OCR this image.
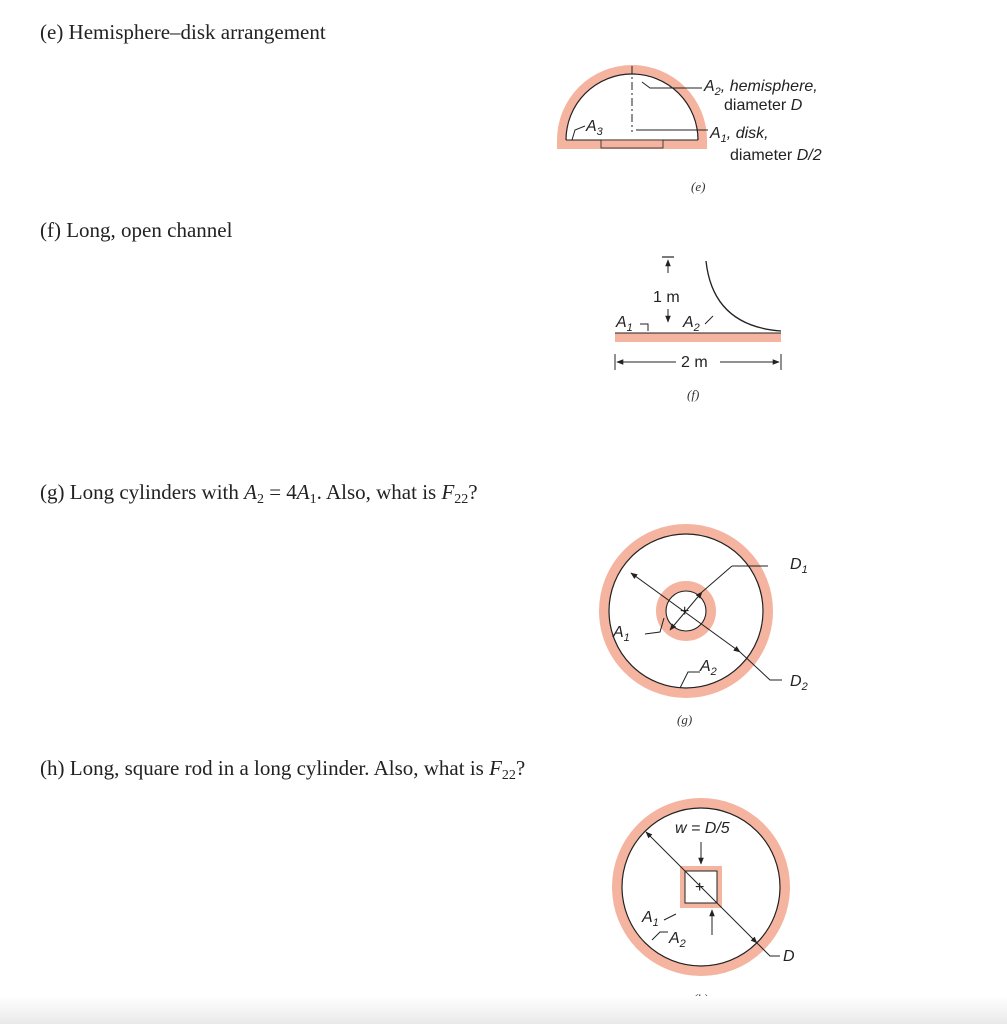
(e) Hemisphere–disk arrangement
(f) Long, open channel
(g) Long cylinders with $A_2 = 4A_1$. Also, what is $F_{22}$?
(h) Long, square rod in a long cylinder. Also, what is $F_{22}$?
$A_2$, hemisphere,
diameter D
$A_1$, disk,
diameter D/2
$A_3$
(e)
1 m
$A_1$	$A_2$
2 m
(f)
+
$D_1$
$D_2$
$A_1$
$A_2$
(g)
+
w = D/5
D
$A_1$
$A_2$
